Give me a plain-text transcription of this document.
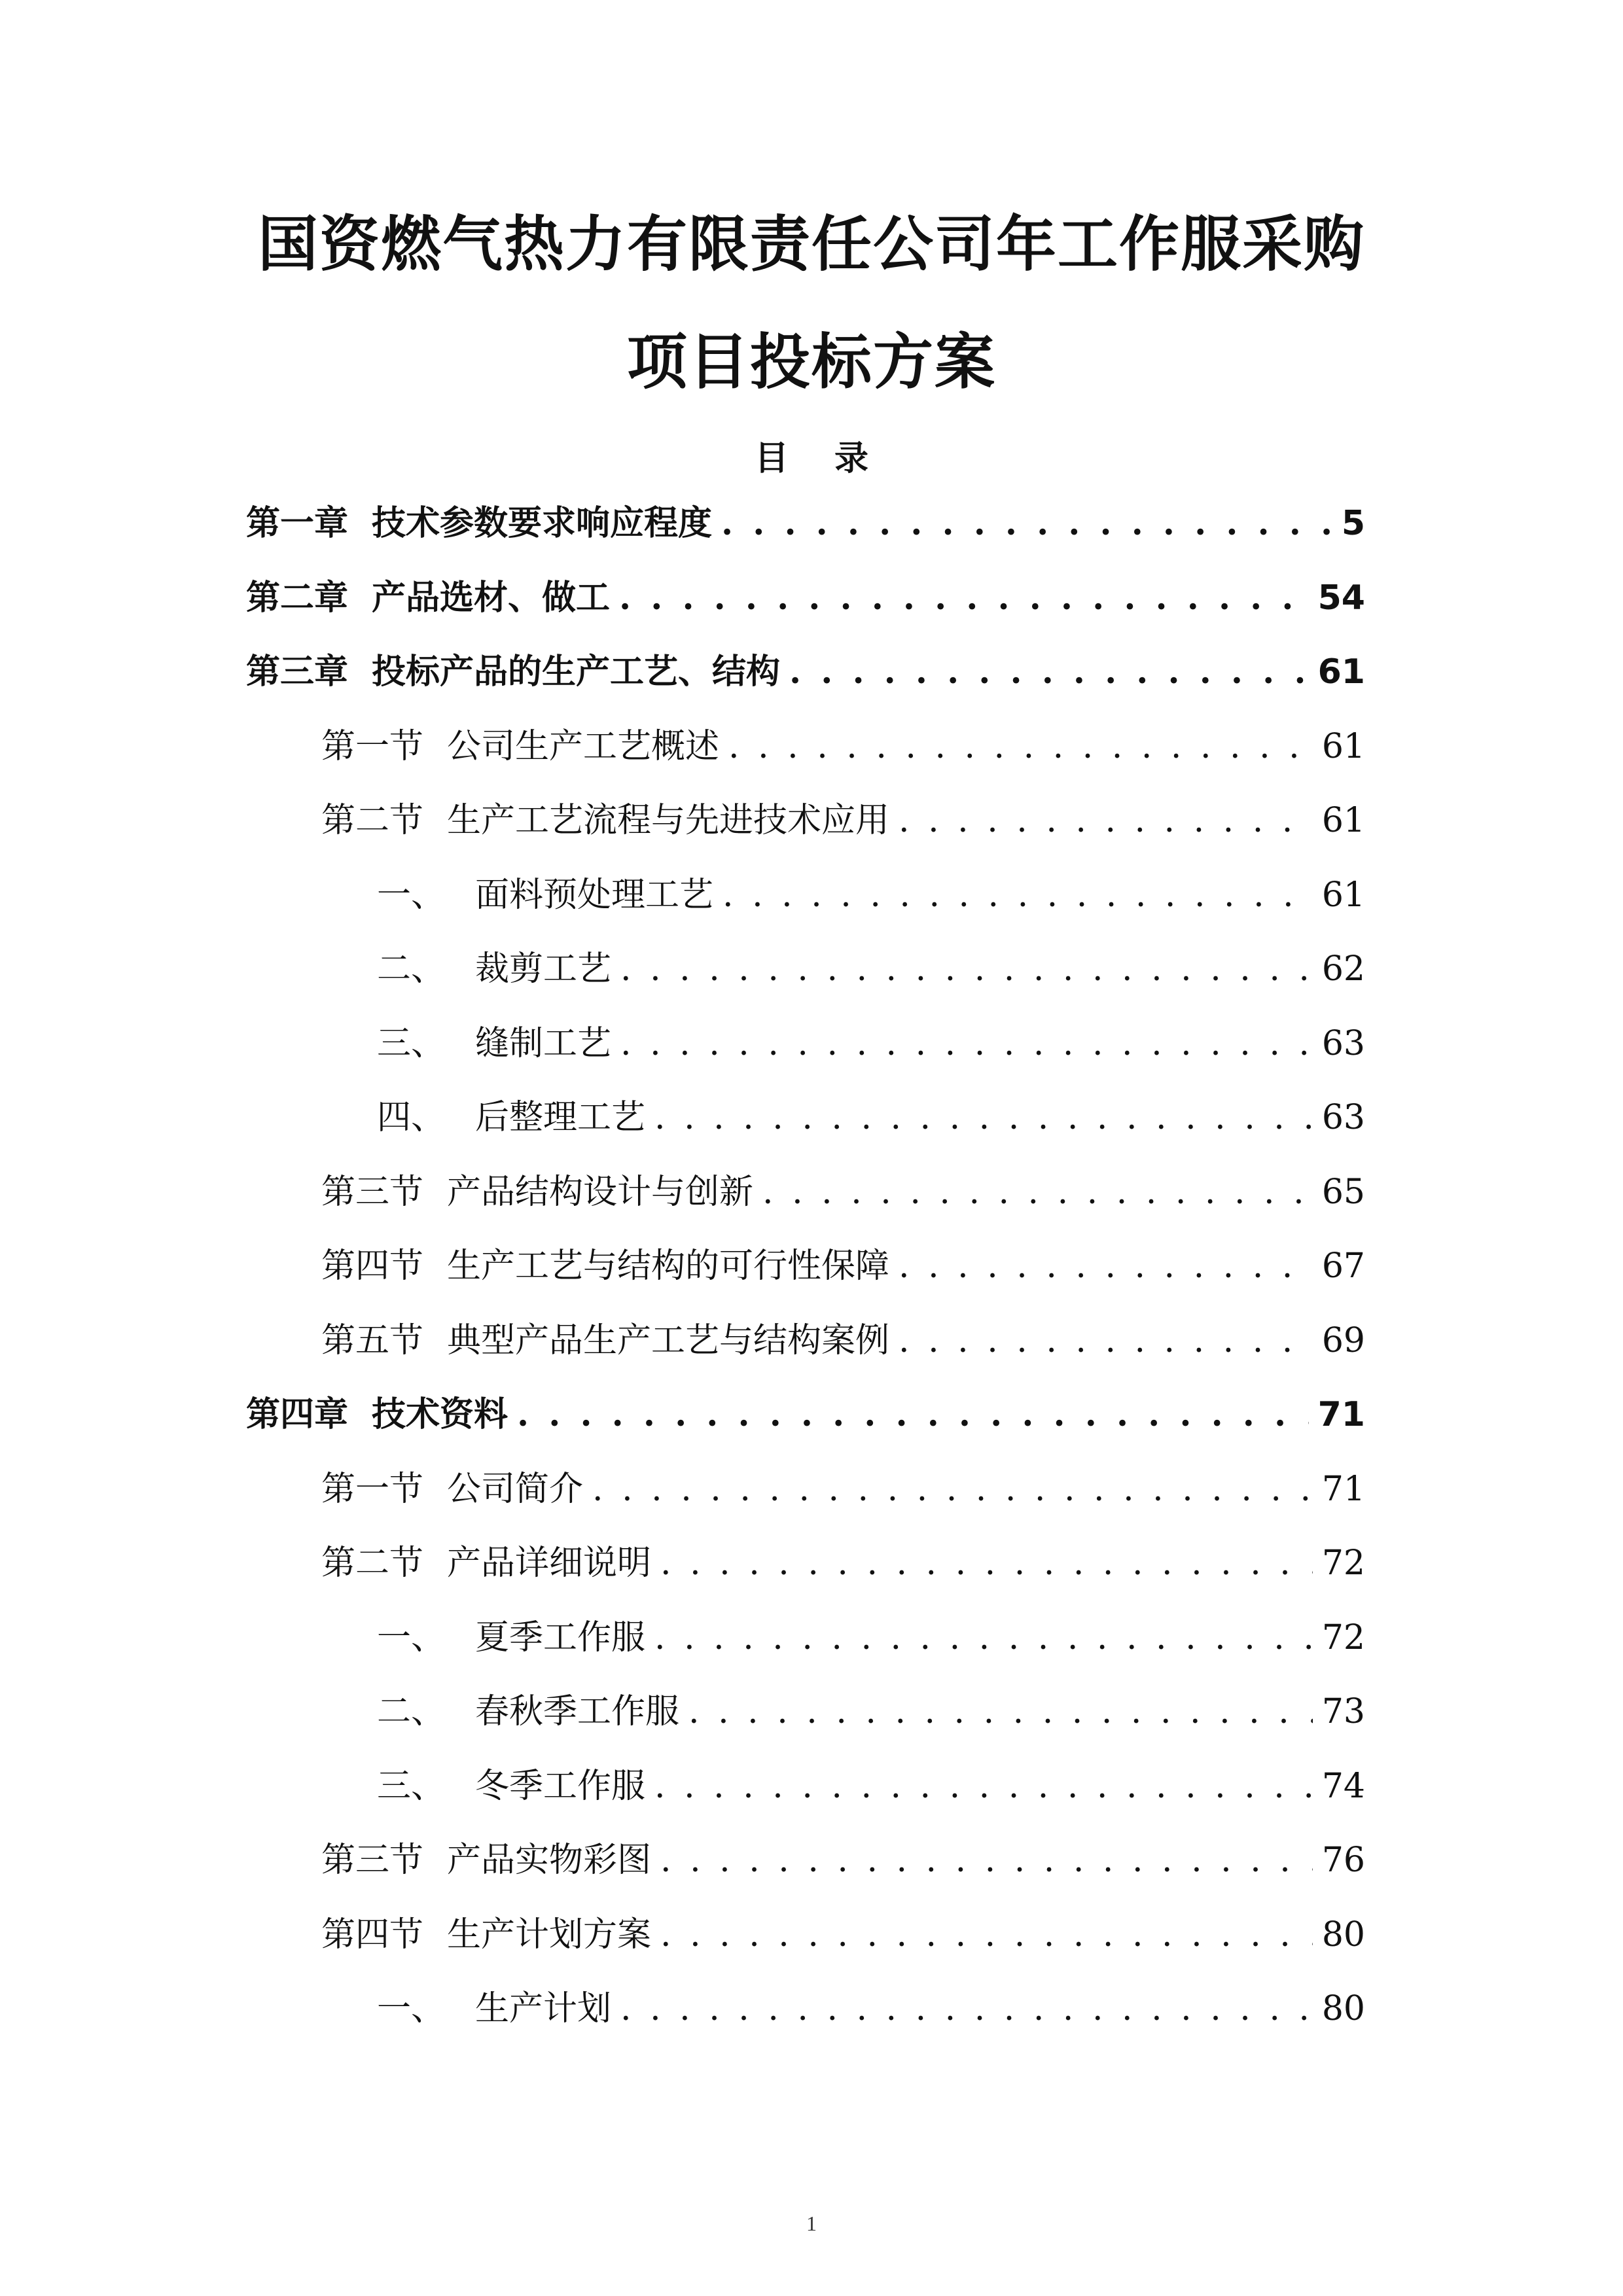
国资燃气热力有限责任公司年工作服采购
项目投标方案
目 录
第一章 技术参数要求响应程度 . . .	5
第二章 产品选材、做工 . . .	54
第三章 投标产品的生产工艺、结构 . . .	61
第一节 公司生产工艺概述 . . .	61
第二节 生产工艺流程与先进技术应用 . . .	61
一、 面料预处理工艺 . . .	61
二、 裁剪工艺 . . .	62
三、 缝制工艺 . . .	63
四、 后整理工艺 . . .	63
第三节 产品结构设计与创新 . . .	65
第四节 生产工艺与结构的可行性保障 . . .	67
第五节 典型产品生产工艺与结构案例 . . .	69
第四章 技术资料 . . .	71
第一节 公司简介 . . .	71
第二节 产品详细说明 . . .	72
一、 夏季工作服 . . .	72
二、 春秋季工作服 . . .	73
三、 冬季工作服 . . .	74
第三节 产品实物彩图 . . .	76
第四节 生产计划方案 . . .	80
一、 生产计划 . . .	80
1
